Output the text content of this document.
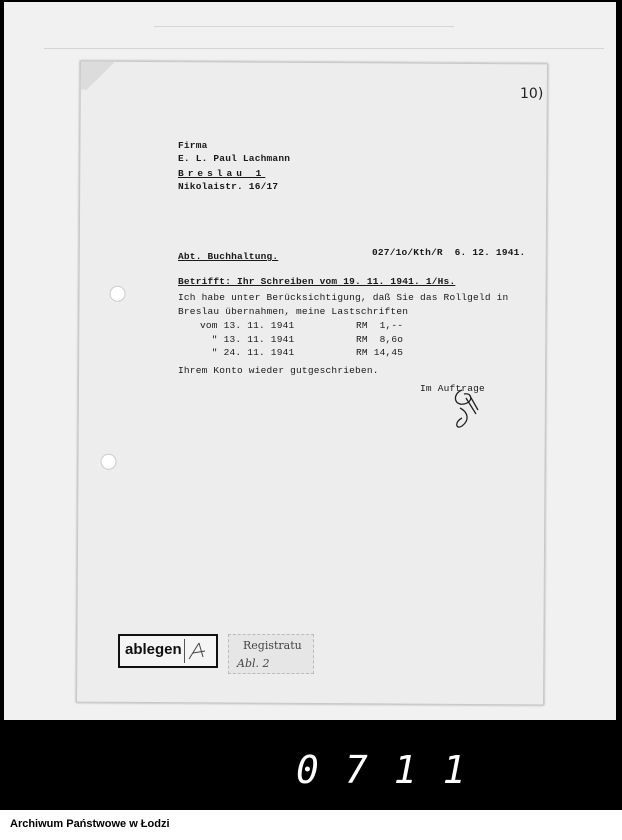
10)
Firma
E. L. Paul Lachmann
Breslau 1
Nikolaistr. 16/17
027/1o/Kth/R  6. 12. 1941.
Abt. Buchhaltung.
Betrifft: Ihr Schreiben vom 19. 11. 1941. 1/Hs.
Ich habe unter Berücksichtigung, daß Sie das Rollgeld in
Breslau übernahmen, meine Lastschriften
vom 13. 11. 1941	RM  1,--
" 13. 11. 1941	RM  8,6o
" 24. 11. 1941	RM 14,45
Ihrem Konto wieder gutgeschrieben.
Im Auftrage
ablegen	Registratu
Abl. 2
0711
Archiwum Państwowe w Łodzi
